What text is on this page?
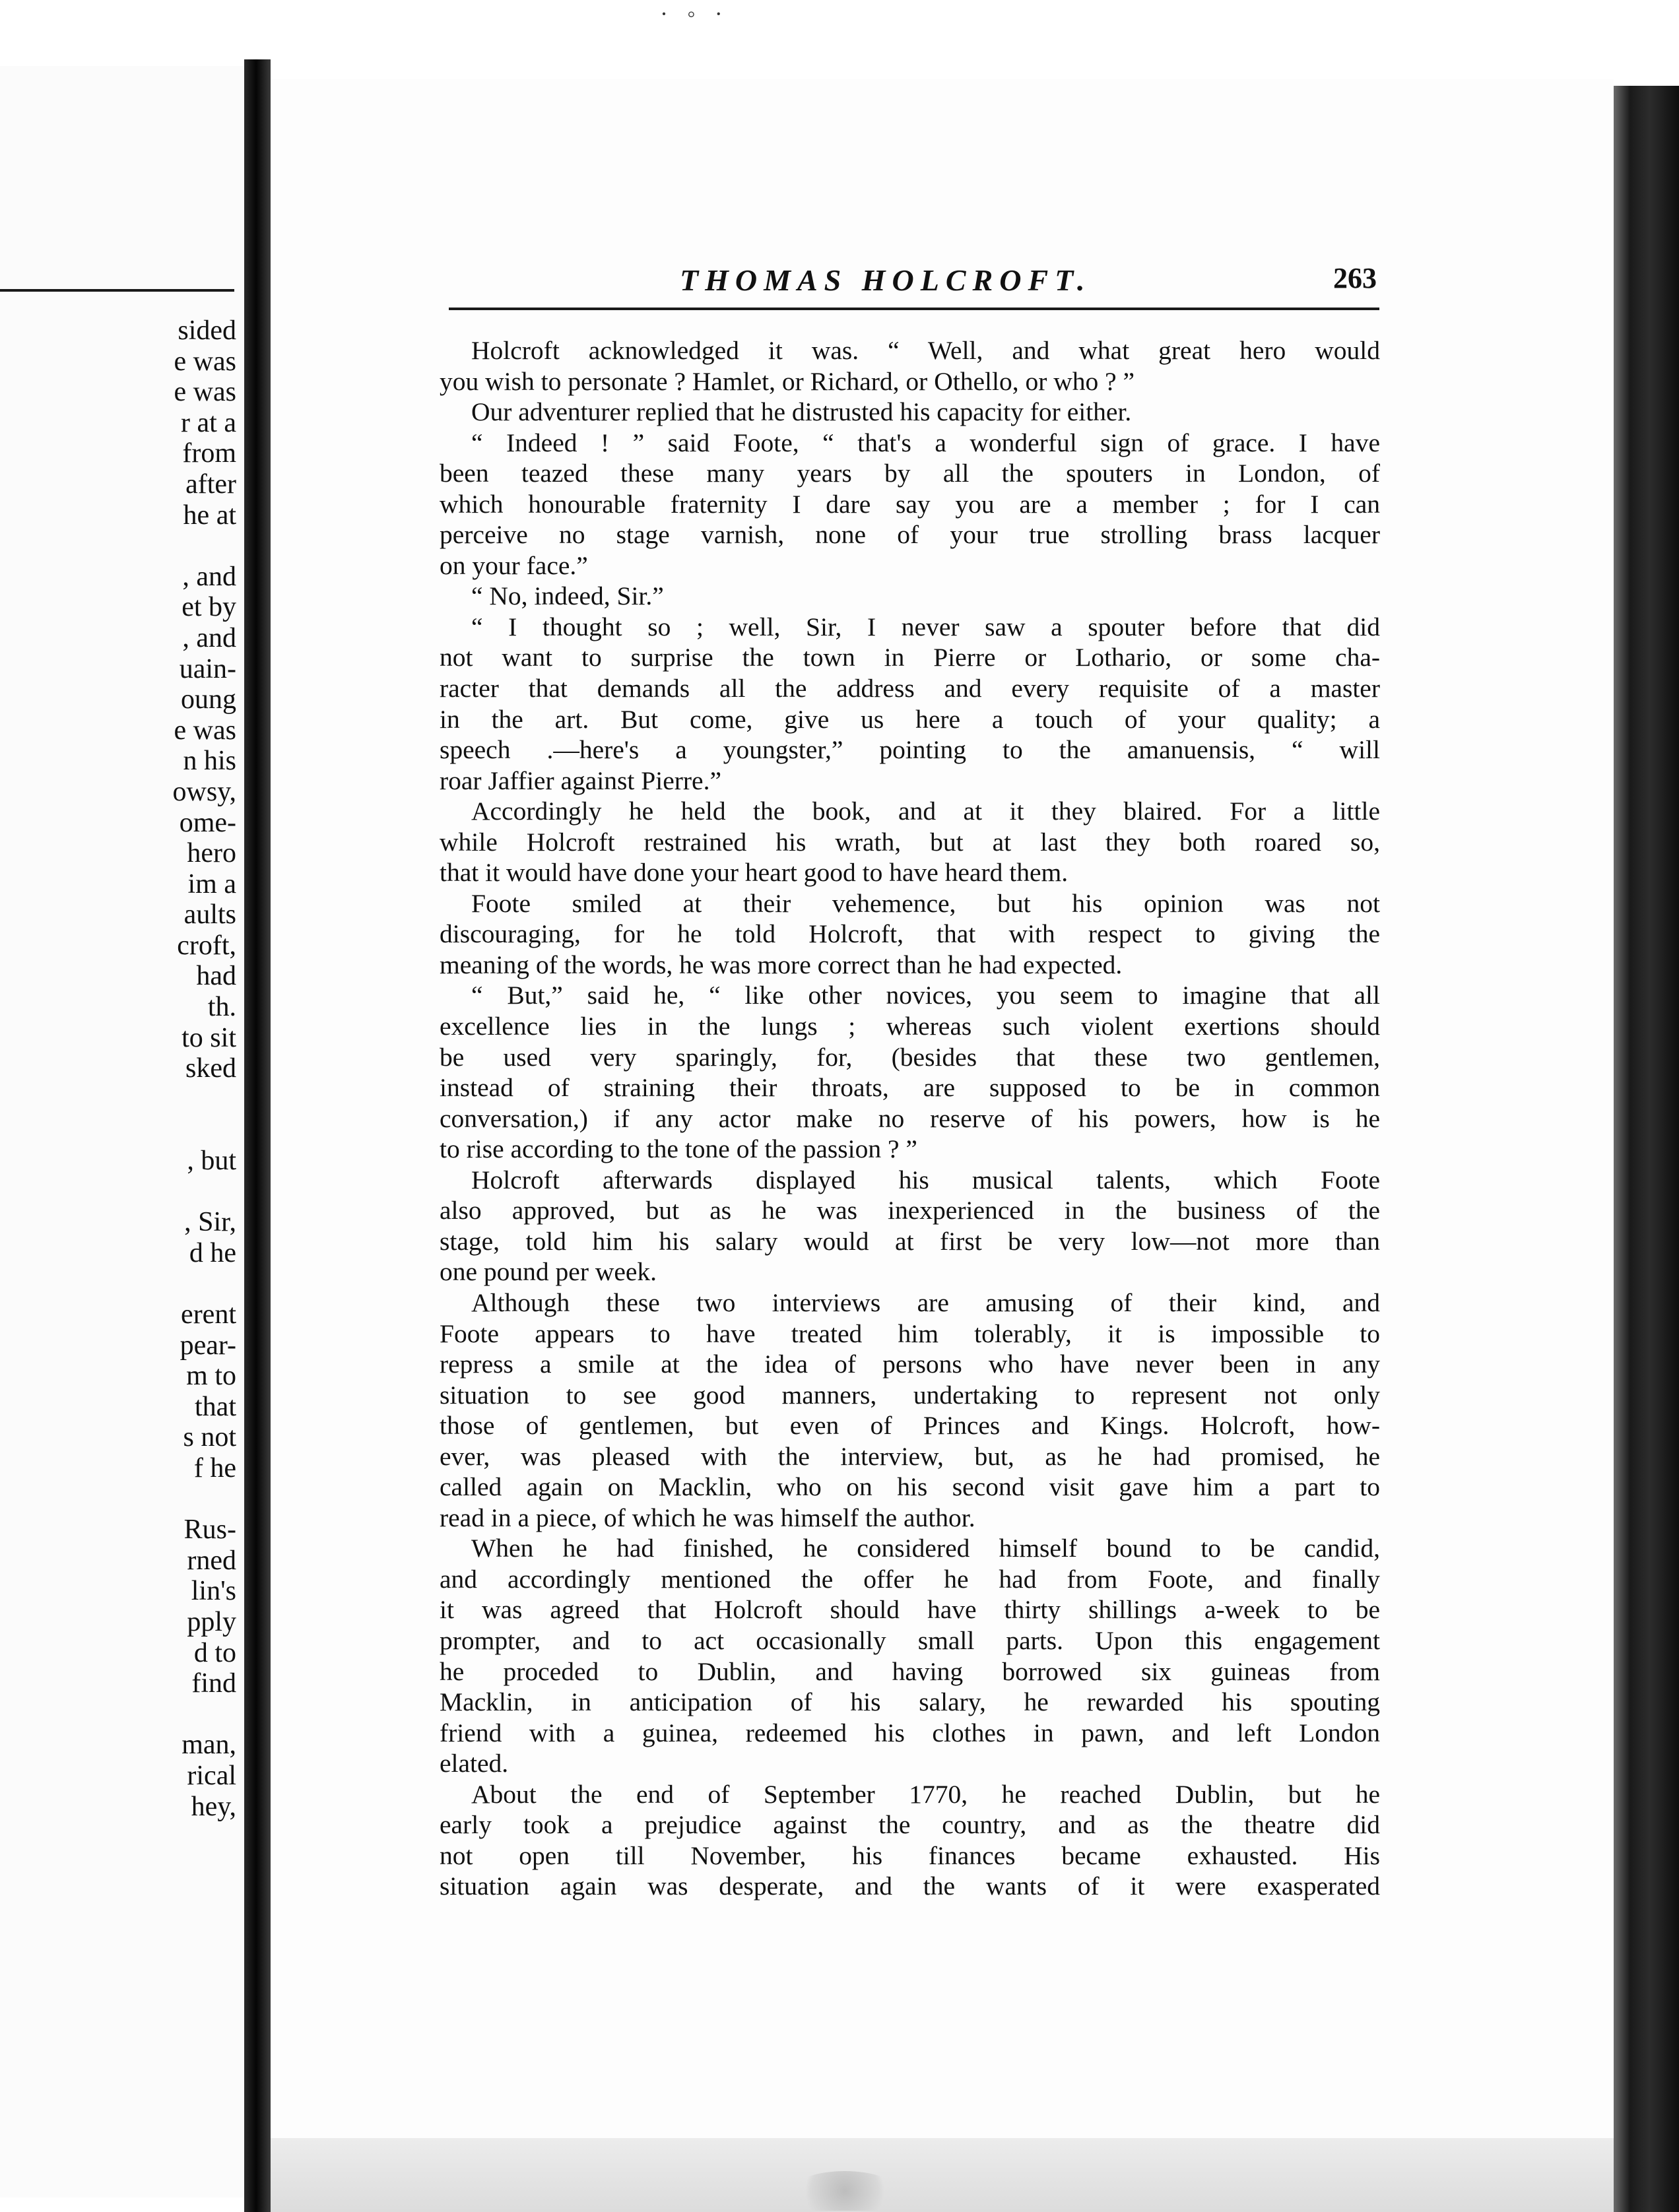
· ◦ ·
sided
e was
e was
r at a
from
after
he at
, and
et by
, and
uain-
oung
e was
n his
owsy,
ome-
hero
im a
aults
croft,
had
th.
to sit
sked
, but
, Sir,
d he
erent
pear-
m to
that
s not
f he
Rus-
rned
lin's
pply
d to
find
man,
rical
hey,
THOMAS HOLCROFT.	263
Holcroft acknowledged it was. “ Well, and what great hero would
you wish to personate ? Hamlet, or Richard, or Othello, or who ? ”
Our adventurer replied that he distrusted his capacity for either.
“ Indeed ! ” said Foote, “ that's a wonderful sign of grace. I have
been teazed these many years by all the spouters in London, of
which honourable fraternity I dare say you are a member ; for I can
perceive no stage varnish, none of your true strolling brass lacquer
on your face.”
“ No, indeed, Sir.”
“ I thought so ; well, Sir, I never saw a spouter before that did
not want to surprise the town in Pierre or Lothario, or some cha-
racter that demands all the address and every requisite of a master
in the art. But come, give us here a touch of your quality; a
speech .—here's a youngster,” pointing to the amanuensis, “ will
roar Jaffier against Pierre.”
Accordingly he held the book, and at it they blaired. For a little
while Holcroft restrained his wrath, but at last they both roared so,
that it would have done your heart good to have heard them.
Foote smiled at their vehemence, but his opinion was not
discouraging, for he told Holcroft, that with respect to giving the
meaning of the words, he was more correct than he had expected.
“ But,” said he, “ like other novices, you seem to imagine that all
excellence lies in the lungs ; whereas such violent exertions should
be used very sparingly, for, (besides that these two gentlemen,
instead of straining their throats, are supposed to be in common
conversation,) if any actor make no reserve of his powers, how is he
to rise according to the tone of the passion ? ”
Holcroft afterwards displayed his musical talents, which Foote
also approved, but as he was inexperienced in the business of the
stage, told him his salary would at first be very low—not more than
one pound per week.
Although these two interviews are amusing of their kind, and
Foote appears to have treated him tolerably, it is impossible to
repress a smile at the idea of persons who have never been in any
situation to see good manners, undertaking to represent not only
those of gentlemen, but even of Princes and Kings. Holcroft, how-
ever, was pleased with the interview, but, as he had promised, he
called again on Macklin, who on his second visit gave him a part to
read in a piece, of which he was himself the author.
When he had finished, he considered himself bound to be candid,
and accordingly mentioned the offer he had from Foote, and finally
it was agreed that Holcroft should have thirty shillings a-week to be
prompter, and to act occasionally small parts. Upon this engagement
he proceded to Dublin, and having borrowed six guineas from
Macklin, in anticipation of his salary, he rewarded his spouting
friend with a guinea, redeemed his clothes in pawn, and left London
elated.
About the end of September 1770, he reached Dublin, but he
early took a prejudice against the country, and as the theatre did
not open till November, his finances became exhausted. His
situation again was desperate, and the wants of it were exasperated
